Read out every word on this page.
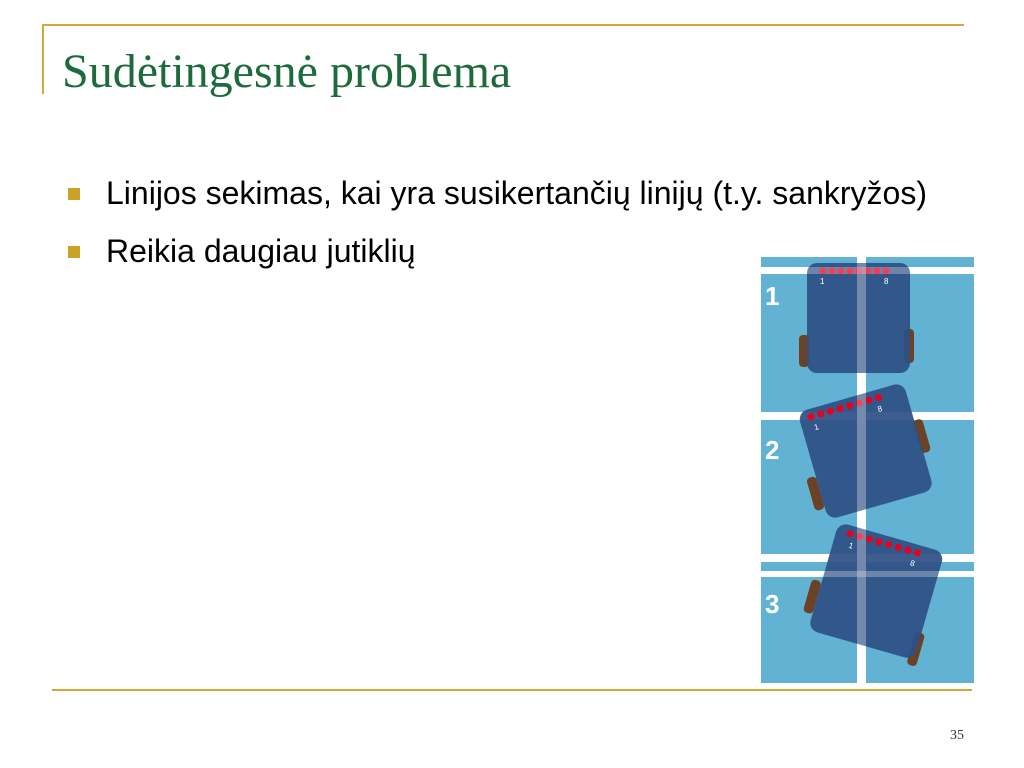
Sudėtingesnė problema
Linijos sekimas, kai yra susikertančių linijų (t.y. sankryžos)
Reikia daugiau jutiklių
1
2
3
1	8
1
8
1
8
35
